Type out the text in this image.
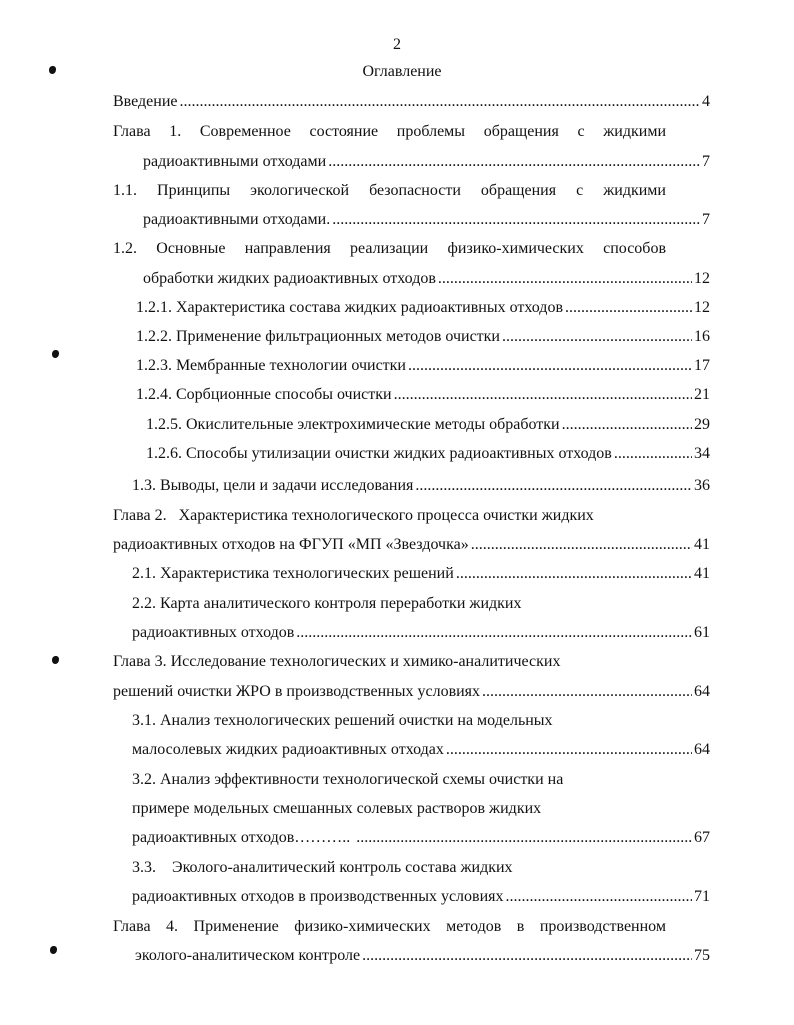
2
Оглавление
Введение .....	4
Глава 1. Современное состояние проблемы обращения с жидкими
радиоактивными отходами .....	7
1.1. Принципы экологической безопасности обращения с жидкими
радиоактивными отходами. .....	7
1.2. Основные направления реализации физико-химических способов
обработки жидких радиоактивных отходов .....	12
1.2.1. Характеристика состава жидких радиоактивных отходов .....	12
1.2.2. Применение фильтрационных методов очистки .....	16
1.2.3. Мембранные технологии очистки .....	17
1.2.4. Сорбционные способы очистки .....	21
1.2.5. Окислительные электрохимические методы обработки .....	29
1.2.6. Способы утилизации очистки жидких радиоактивных отходов .....	34
1.3. Выводы, цели и задачи исследования .....	36
Глава 2.   Характеристика технологического процесса очистки жидких
радиоактивных отходов на ФГУП «МП «Звездочка» .....	41
2.1. Характеристика технологических решений .....	41
2.2. Карта аналитического контроля переработки жидких
радиоактивных отходов .....	61
Глава 3. Исследование технологических и химико-аналитических
решений очистки ЖРО в производственных условиях .....	64
3.1. Анализ технологических решений очистки на модельных
малосолевых жидких радиоактивных отходах .....	64
3.2. Анализ эффективности технологической схемы очистки на
примере модельных смешанных солевых растворов жидких
радиоактивных отходов……….. .....	67
3.3.    Эколого-аналитический контроль состава жидких
радиоактивных отходов в производственных условиях .....	71
Глава 4. Применение физико-химических методов в производственном
эколого-аналитическом контроле .....	75
